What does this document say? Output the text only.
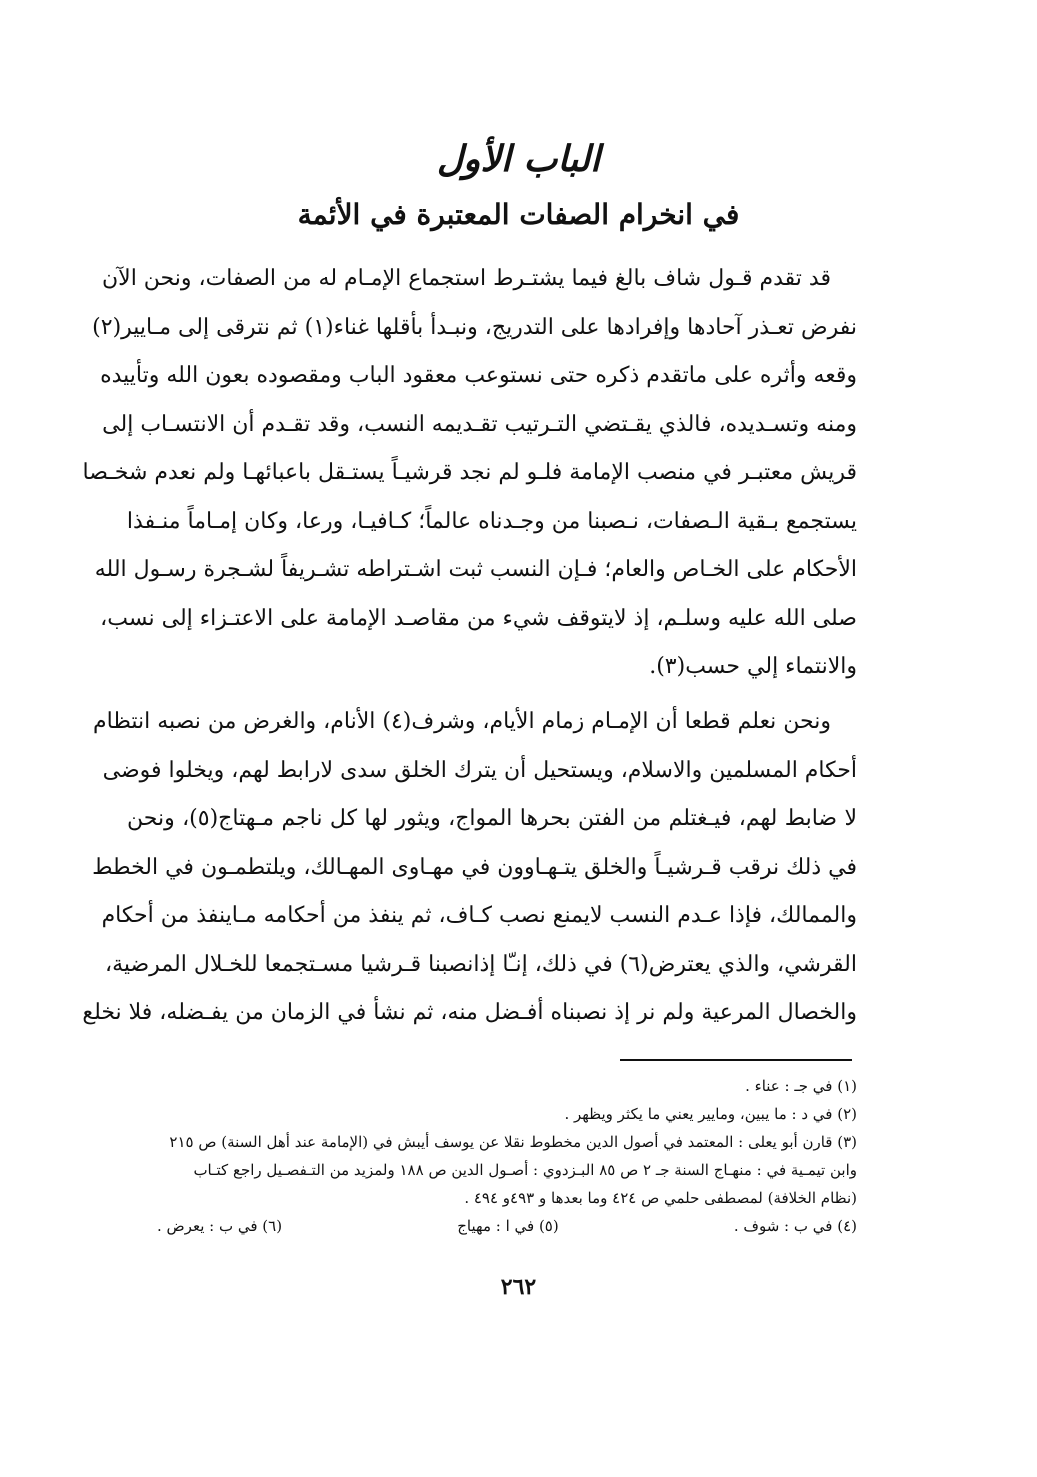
الباب الأول
في انخرام الصفات المعتبرة في الأئمة
قد تقدم قـول شاف بالغ فيما يشتـرط استجماع الإمـام له من الصفات، ونحن الآن
نفرض تعـذر آحادها وإفرادها على التدريج، ونبـدأ بأقلها غناء(١) ثم نترقى إلى مـايير(٢)
وقعه وأثره على ماتقدم ذكره حتى نستوعب معقود الباب ومقصوده بعون الله وتأييده
ومنه وتسـديده، فالذي يقـتضي التـرتيب تقـديمه النسب، وقد تقـدم أن الانتسـاب إلى
قريش معتبـر في منصب الإمامة فلـو لم نجد قرشيـاً يستـقل باعبائهـا ولم نعدم شخـصا
يستجمع بـقية الـصفات، نـصبنا من وجـدناه عالماً؛ كـافيـا، ورعا، وكان إمـاماً منـفذا
الأحكام على الخـاص والعام؛ فـإن النسب ثبت اشـتراطه تشـريفاً لشـجرة رسـول الله
صلى الله عليه وسلـم، إذ لايتوقف شيء من مقاصـد الإمامة على الاعتـزاء إلى نسب،
والانتماء إلي حسب(٣).
ونحن نعلم قطعا أن الإمـام زمام الأيام، وشرف(٤) الأنام، والغرض من نصبه انتظام
أحكام المسلمين والاسلام، ويستحيل أن يترك الخلق سدى لارابط لهم، ويخلوا فوضى
لا ضابط لهم، فيـغتلم من الفتن بحرها المواج، ويثور لها كل ناجم مـهتاج(٥)، ونحن
في ذلك نرقب قـرشيـاً والخلق يتـهـاوون في مهـاوى المهـالك، ويلتطمـون في الخطط
والممالك، فإذا عـدم النسب لايمنع نصب كـاف، ثم ينفذ من أحكامه مـاينفذ من أحكام
القرشي، والذي يعترض(٦) في ذلك، إنـّا إذانصبنا قـرشيا مسـتجمعا للخـلال المرضية،
والخصال المرعية ولم نر إذ نصبناه أفـضل منه، ثم نشأ في الزمان من يفـضله، فلا نخلع
(١) في جـ : عناء .
(٢) في د : ما يبين، ومايير يعني ما يكثر ويظهر .
(٣) قارن أبو يعلى : المعتمد في أصول الدين مخطوط نقلا عن يوسف أيبش في (الإمامة عند أهل السنة) ص ٢١٥
وابن تيمـية في : منهـاج السنة جـ ٢ ص ٨٥ البـزدوي : أصـول الدين ص ١٨٨ ولمزيد من التـفصـيل راجع كتـاب
(نظام الخلافة) لمصطفى حلمي ص ٤٢٤ وما بعدها و ٤٩٣و ٤٩٤ .
(٤) في ب : شوف .
(٥) في ا : مهياج
(٦) في ب : يعرض .
٢٦٢
